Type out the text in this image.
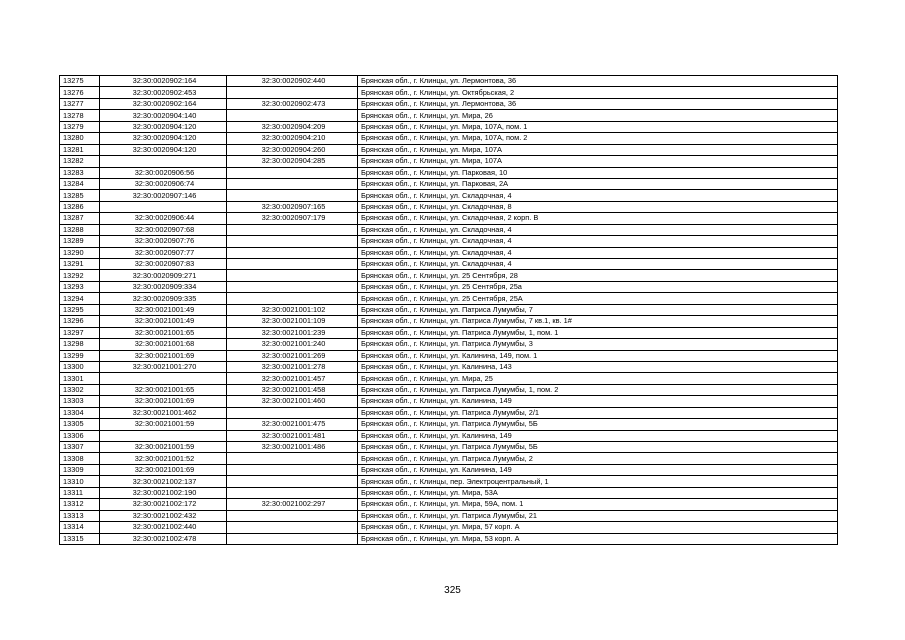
13275	32:30:0020902:164	32:30:0020902:440	Брянская обл., г. Клинцы, ул. Лермонтова, 36
13276	32:30:0020902:453		Брянская обл., г. Клинцы, ул. Октябрьская, 2
13277	32:30:0020902:164	32:30:0020902:473	Брянская обл., г. Клинцы, ул. Лермонтова, 36
13278	32:30:0020904:140		Брянская обл., г. Клинцы, ул. Мира, 26
13279	32:30:0020904:120	32:30:0020904:209	Брянская обл., г. Клинцы, ул. Мира, 107А, пом. 1
13280	32:30:0020904:120	32:30:0020904:210	Брянская обл., г. Клинцы, ул. Мира, 107А, пом. 2
13281	32:30:0020904:120	32:30:0020904:260	Брянская обл., г. Клинцы, ул. Мира, 107А
13282		32:30:0020904:285	Брянская обл., г. Клинцы, ул. Мира, 107А
13283	32:30:0020906:56		Брянская обл., г. Клинцы, ул. Парковая, 10
13284	32:30:0020906:74		Брянская обл., г. Клинцы, ул. Парковая, 2А
13285	32:30:0020907:146		Брянская обл., г. Клинцы, ул. Складочная, 4
13286		32:30:0020907:165	Брянская обл., г. Клинцы, ул. Складочная, 8
13287	32:30:0020906:44	32:30:0020907:179	Брянская обл., г. Клинцы, ул. Складочная, 2 корп. В
13288	32:30:0020907:68		Брянская обл., г. Клинцы, ул. Складочная, 4
13289	32:30:0020907:76		Брянская обл., г. Клинцы, ул. Складочная, 4
13290	32:30:0020907:77		Брянская обл., г. Клинцы, ул. Складочная, 4
13291	32:30:0020907:83		Брянская обл., г. Клинцы, ул. Складочная, 4
13292	32:30:0020909:271		Брянская обл., г. Клинцы, ул. 25 Сентября, 28
13293	32:30:0020909:334		Брянская обл., г. Клинцы, ул. 25 Сентября, 25а
13294	32:30:0020909:335		Брянская обл., г. Клинцы, ул. 25 Сентября, 25А
13295	32:30:0021001:49	32:30:0021001:102	Брянская обл., г. Клинцы, ул. Патриса Лумумбы, 7
13296	32:30:0021001:49	32:30:0021001:109	Брянская обл., г. Клинцы, ул. Патриса Лумумбы, 7 кв.1, кв. 1#
13297	32:30:0021001:65	32:30:0021001:239	Брянская обл., г. Клинцы, ул. Патриса Лумумбы, 1, пом. 1
13298	32:30:0021001:68	32:30:0021001:240	Брянская обл., г. Клинцы, ул. Патриса Лумумбы, 3
13299	32:30:0021001:69	32:30:0021001:269	Брянская обл., г. Клинцы, ул. Калинина, 149, пом. 1
13300	32:30:0021001:270	32:30:0021001:278	Брянская обл., г. Клинцы, ул. Калинина, 143
13301		32:30:0021001:457	Брянская обл., г. Клинцы, ул. Мира, 25
13302	32:30:0021001:65	32:30:0021001:458	Брянская обл., г. Клинцы, ул. Патриса Лумумбы, 1, пом. 2
13303	32:30:0021001:69	32:30:0021001:460	Брянская обл., г. Клинцы, ул. Калинина, 149
13304	32:30:0021001:462		Брянская обл., г. Клинцы, ул. Патриса Лумумбы, 2/1
13305	32:30:0021001:59	32:30:0021001:475	Брянская обл., г. Клинцы, ул. Патриса Лумумбы, 5Б
13306		32:30:0021001:481	Брянская обл., г. Клинцы, ул. Калинина, 149
13307	32:30:0021001:59	32:30:0021001:486	Брянская обл., г. Клинцы, ул. Патриса Лумумбы, 5Б
13308	32:30:0021001:52		Брянская обл., г. Клинцы, ул. Патриса Лумумбы, 2
13309	32:30:0021001:69		Брянская обл., г. Клинцы, ул. Калинина, 149
13310	32:30:0021002:137		Брянская обл., г. Клинцы, пер. Электроцентральный, 1
13311	32:30:0021002:190		Брянская обл., г. Клинцы, ул. Мира, 53А
13312	32:30:0021002:172	32:30:0021002:297	Брянская обл., г. Клинцы, ул. Мира, 59А, пом. 1
13313	32:30:0021002:432		Брянская обл., г. Клинцы, ул. Патриса Лумумбы, 21
13314	32:30:0021002:440		Брянская обл., г. Клинцы, ул. Мира, 57 корп. А
13315	32:30:0021002:478		Брянская обл., г. Клинцы, ул. Мира, 53 корп. А
325
